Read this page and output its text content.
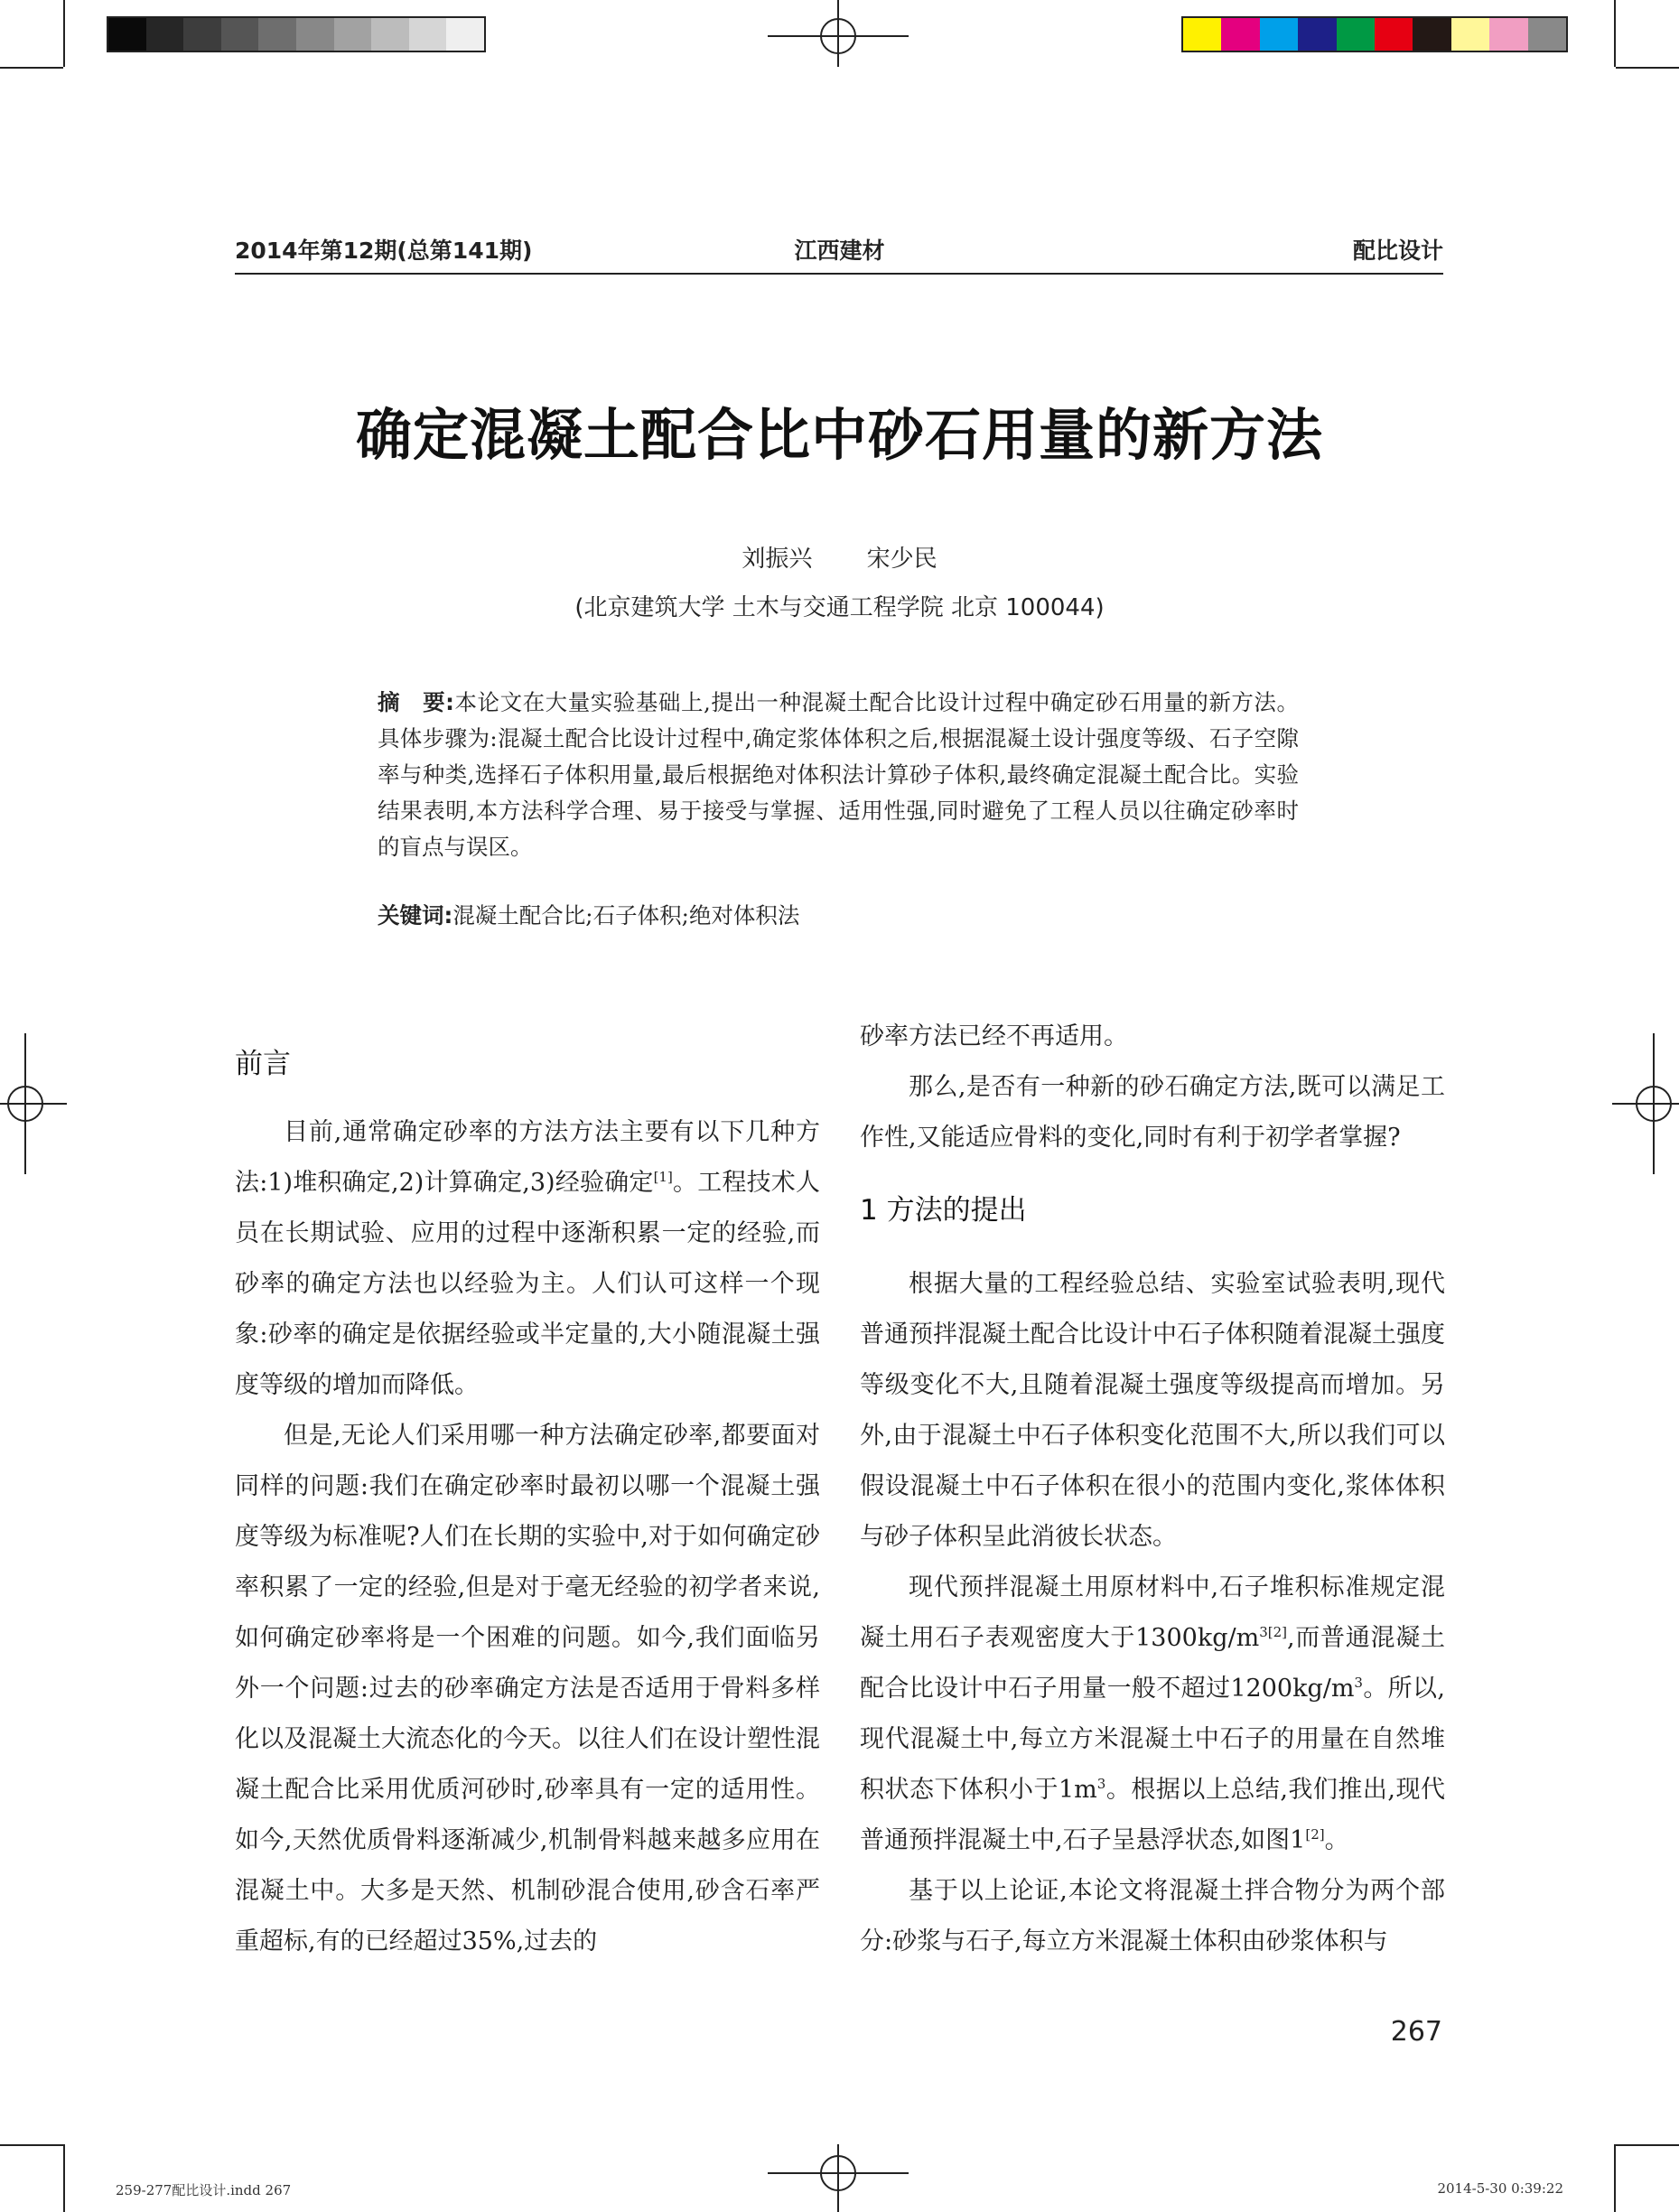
2014年第12期(总第141期)	江西建材	配比设计
确定混凝土配合比中砂石用量的新方法
刘振兴 宋少民
(北京建筑大学 土木与交通工程学院 北京 100044)
摘　要:本论文在大量实验基础上,提出一种混凝土配合比设计过程中确定砂石用量的新方法。具体步骤为:混凝土配合比设计过程中,确定浆体体积之后,根据混凝土设计强度等级、石子空隙率与种类,选择石子体积用量,最后根据绝对体积法计算砂子体积,最终确定混凝土配合比。实验结果表明,本方法科学合理、易于接受与掌握、适用性强,同时避免了工程人员以往确定砂率时的盲点与误区。
关键词:混凝土配合比;石子体积;绝对体积法
前言

目前,通常确定砂率的方法方法主要有以下几种方法:1)堆积确定,2)计算确定,3)经验确定[1]。工程技术人员在长期试验、应用的过程中逐渐积累一定的经验,而砂率的确定方法也以经验为主。人们认可这样一个现象:砂率的确定是依据经验或半定量的,大小随混凝土强度等级的增加而降低。

但是,无论人们采用哪一种方法确定砂率,都要面对同样的问题:我们在确定砂率时最初以哪一个混凝土强度等级为标准呢?人们在长期的实验中,对于如何确定砂率积累了一定的经验,但是对于毫无经验的初学者来说,如何确定砂率将是一个困难的问题。如今,我们面临另外一个问题:过去的砂率确定方法是否适用于骨料多样化以及混凝土大流态化的今天。以往人们在设计塑性混凝土配合比采用优质河砂时,砂率具有一定的适用性。如今,天然优质骨料逐渐减少,机制骨料越来越多应用在混凝土中。大多是天然、机制砂混合使用,砂含石率严重超标,有的已经超过35%,过去的

砂率方法已经不再适用。

那么,是否有一种新的砂石确定方法,既可以满足工作性,又能适应骨料的变化,同时有利于初学者掌握?

1 方法的提出

根据大量的工程经验总结、实验室试验表明,现代普通预拌混凝土配合比设计中石子体积随着混凝土强度等级变化不大,且随着混凝土强度等级提高而增加。另外,由于混凝土中石子体积变化范围不大,所以我们可以假设混凝土中石子体积在很小的范围内变化,浆体体积与砂子体积呈此消彼长状态。

现代预拌混凝土用原材料中,石子堆积标准规定混凝土用石子表观密度大于$1300kg/m^{3[2]}$,而普通混凝土配合比设计中石子用量一般不超过$1200kg/m^3$。所以,现代混凝土中,每立方米混凝土中石子的用量在自然堆积状态下体积小于$1m^3$。根据以上总结,我们推出,现代普通预拌混凝土中,石子呈悬浮状态,如图1[2]。

基于以上论证,本论文将混凝土拌合物分为两个部分:砂浆与石子,每立方米混凝土体积由砂浆体积与

267
259-277配比设计.indd 267	2014-5-30 0:39:22
